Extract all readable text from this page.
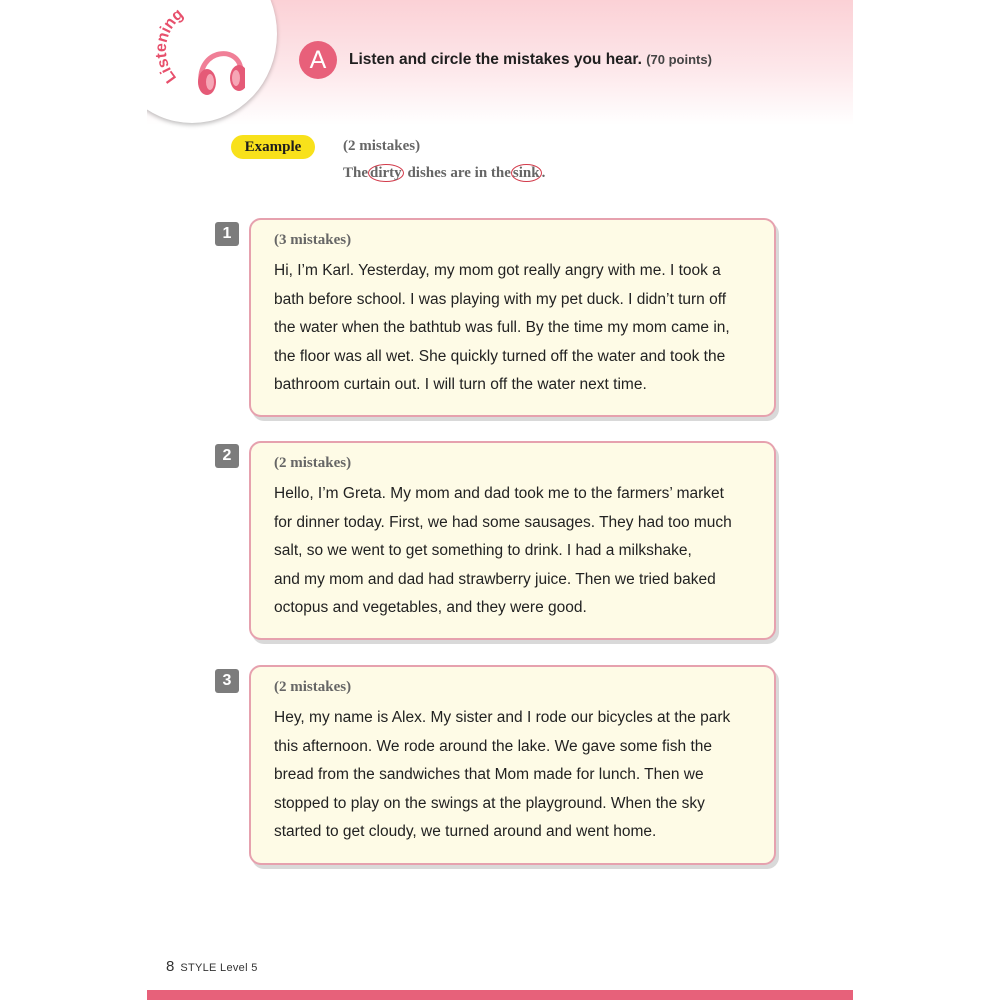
Lis ning
A	Listen and circle the mistakes you hear. (70 points)
Example	(2 mistakes)
The dirty dishes are in the sink .
1	(3 mistakes)
Hi, I’m Karl. Yesterday, my mom got really angry with me. I took a
bath before school. I was playing with my pet duck. I didn’t turn off
the water when the bathtub was full. By the time my mom came in,
the floor was all wet. She quickly turned off the water and took the
bathroom curtain out. I will turn off the water next time.
2	(2 mistakes)
Hello, I’m Greta. My mom and dad took me to the farmers’ market
for dinner today. First, we had some sausages. They had too much
salt, so we went to get something to drink. I had a milkshake,
and my mom and dad had strawberry juice. Then we tried baked
octopus and vegetables, and they were good.
3	(2 mistakes)
Hey, my name is Alex. My sister and I rode our bicycles at the park
this afternoon. We rode around the lake. We gave some fish the
bread from the sandwiches that Mom made for lunch. Then we
stopped to play on the swings at the playground. When the sky
started to get cloudy, we turned around and went home.
8 STYLE Level 5
